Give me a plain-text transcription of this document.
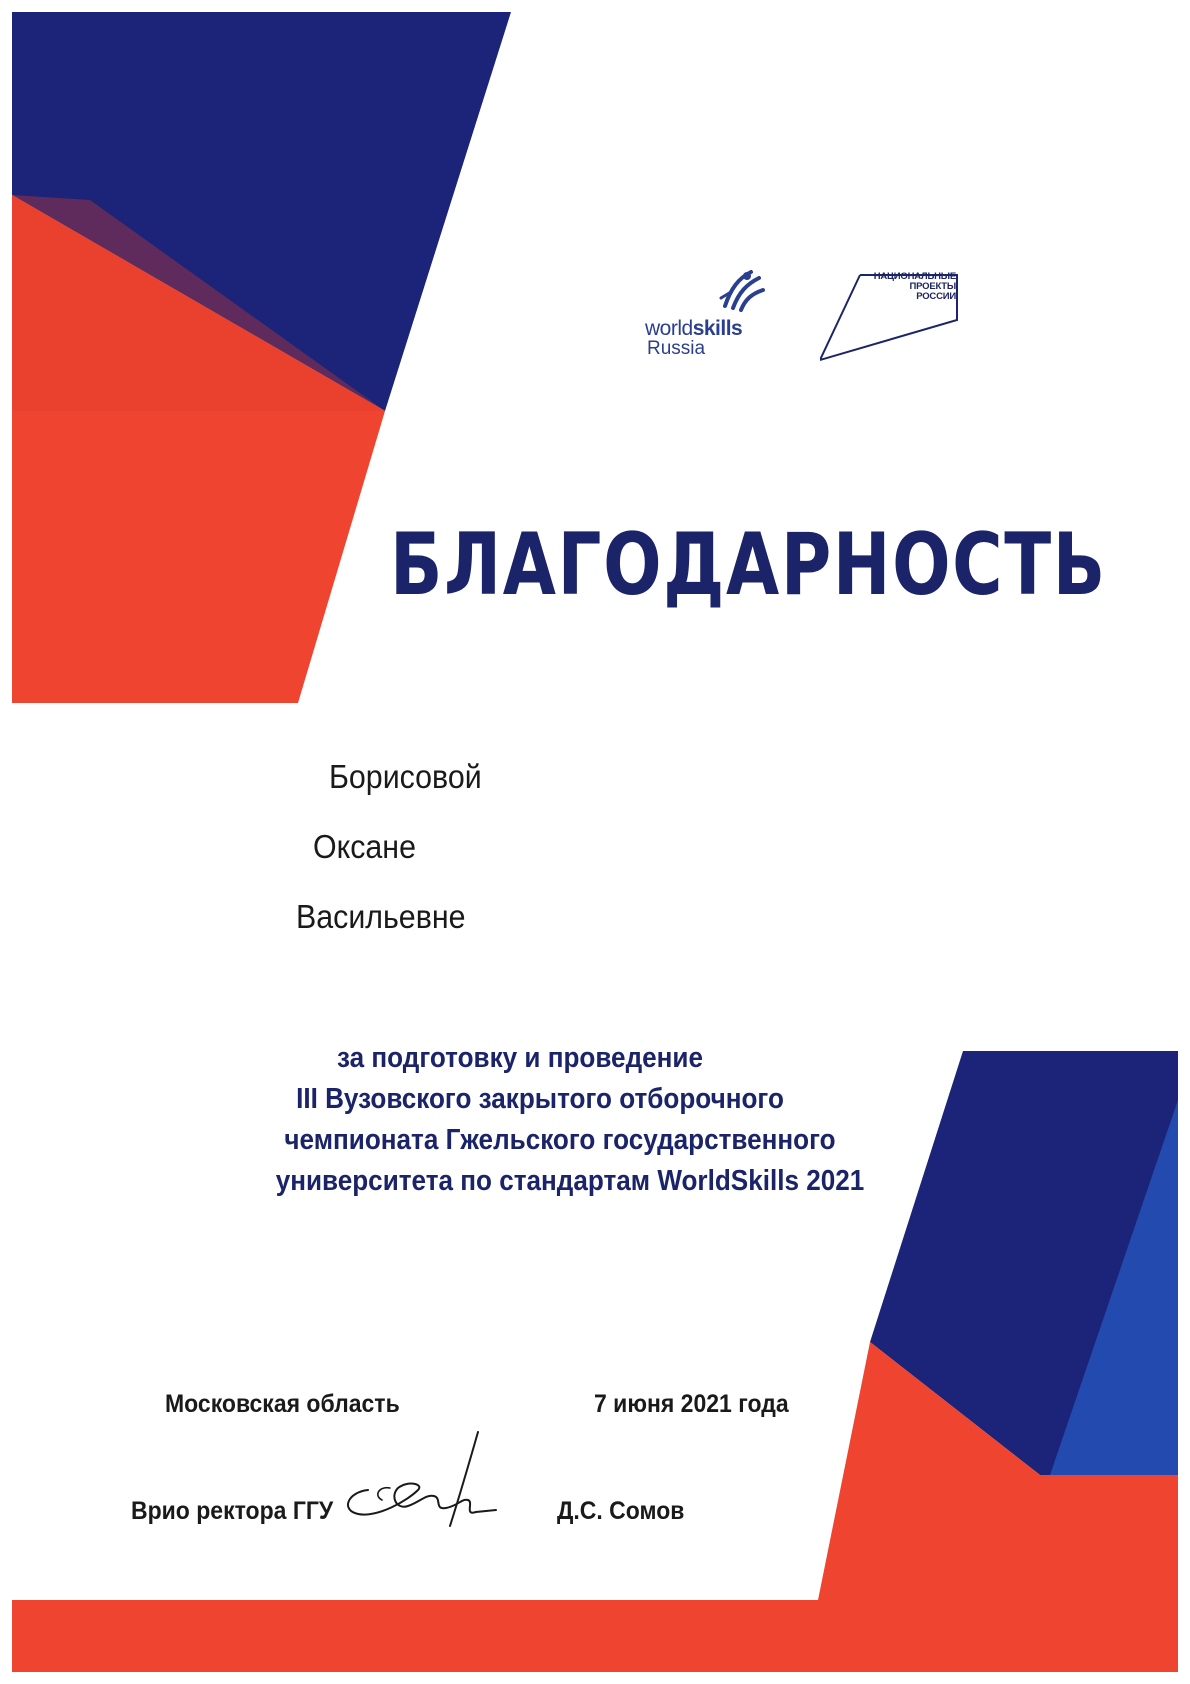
worldskills
Russia
НАЦИОНАЛЬНЫЕ
ПРОЕКТЫ
РОССИИ
БЛАГОДАРНОСТЬ
Борисовой
Оксане
Васильевне
за подготовку и проведение
III Вузовского закрытого отборочного
чемпионата Гжельского государственного
университета по стандартам WorldSkills 2021
Московская область	7 июня 2021 года
Врио ректора ГГУ	Д.С. Сомов
